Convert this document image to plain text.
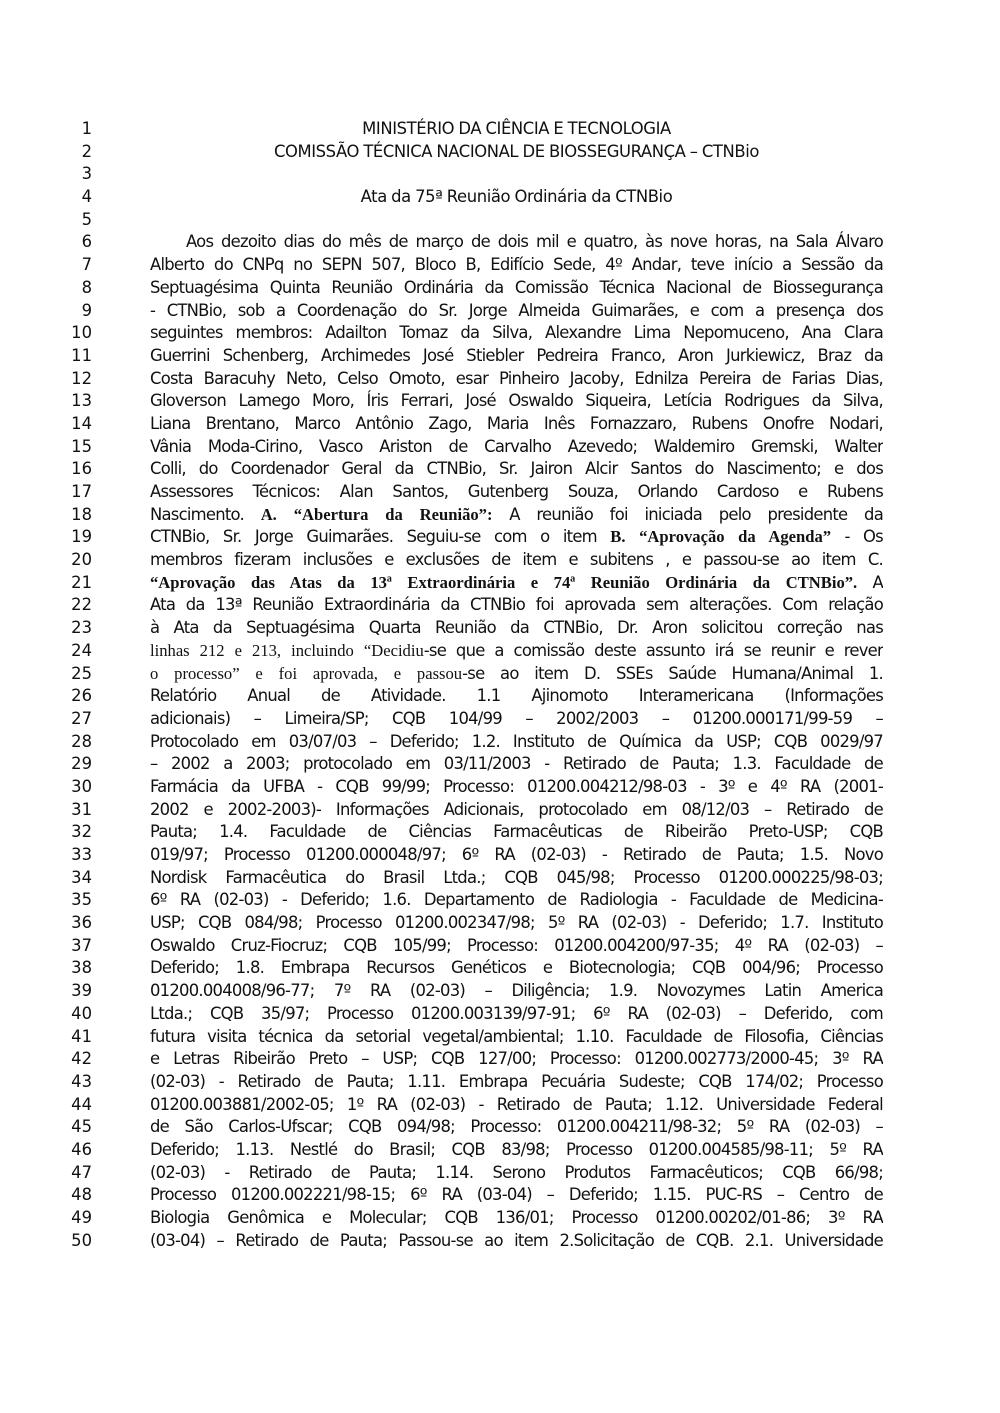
1	MINISTÉRIO DA CIÊNCIA E TECNOLOGIA
2	COMISSÃO TÉCNICA NACIONAL DE BIOSSEGURANÇA – CTNBio
3
4	Ata da 75ª Reunião Ordinária da CTNBio
5
6	Aos dezoito dias do mês de março de dois mil e quatro, às nove horas, na Sala Álvaro
7	Alberto do CNPq no SEPN 507, Bloco B, Edifício Sede, 4º Andar, teve início a Sessão da
8	Septuagésima Quinta Reunião Ordinária da Comissão Técnica Nacional de Biossegurança
9	- CTNBio, sob a Coordenação do Sr. Jorge Almeida Guimarães, e com a presença dos
10	seguintes membros: Adailton Tomaz da Silva, Alexandre Lima Nepomuceno, Ana Clara
11	Guerrini Schenberg, Archimedes José Stiebler Pedreira Franco, Aron Jurkiewicz, Braz da
12	Costa Baracuhy Neto, Celso Omoto, esar Pinheiro Jacoby, Ednilza Pereira de Farias Dias,
13	Gloverson Lamego Moro, Íris Ferrari, José Oswaldo Siqueira, Letícia Rodrigues da Silva,
14	Liana Brentano, Marco Antônio Zago, Maria Inês Fornazzaro, Rubens Onofre Nodari,
15	Vânia Moda-Cirino, Vasco Ariston de Carvalho Azevedo; Waldemiro Gremski, Walter
16	Colli, do Coordenador Geral da CTNBio, Sr. Jairon Alcir Santos do Nascimento; e dos
17	Assessores Técnicos: Alan Santos, Gutenberg Souza, Orlando Cardoso e Rubens
18	Nascimento. A. “Abertura da Reunião”: A reunião foi iniciada pelo presidente da
19	CTNBio, Sr. Jorge Guimarães. Seguiu-se com o item B. “Aprovação da Agenda” - Os
20	membros fizeram inclusões e exclusões de item e subitens , e passou-se ao item C.
21	“Aprovação das Atas da 13ª Extraordinária e 74ª Reunião Ordinária da CTNBio”. A
22	Ata da 13ª Reunião Extraordinária da CTNBio foi aprovada sem alterações. Com relação
23	à Ata da Septuagésima Quarta Reunião da CTNBio, Dr. Aron solicitou correção nas
24	linhas 212 e 213, incluindo “Decidiu-se que a comissão deste assunto irá se reunir e rever
25	o processo” e foi aprovada, e passou-se ao item D. SSEs Saúde Humana/Animal 1.
26	Relatório Anual de Atividade. 1.1 Ajinomoto Interamericana (Informações
27	adicionais) – Limeira/SP; CQB 104/99 – 2002/2003 – 01200.000171/99-59 –
28	Protocolado em 03/07/03 – Deferido; 1.2. Instituto de Química da USP; CQB 0029/97
29	– 2002 a 2003; protocolado em 03/11/2003 - Retirado de Pauta; 1.3. Faculdade de
30	Farmácia da UFBA - CQB 99/99; Processo: 01200.004212/98-03 - 3º e 4º RA (2001-
31	2002 e 2002-2003)- Informações Adicionais, protocolado em 08/12/03 – Retirado de
32	Pauta; 1.4. Faculdade de Ciências Farmacêuticas de Ribeirão Preto-USP; CQB
33	019/97; Processo 01200.000048/97; 6º RA (02-03) - Retirado de Pauta; 1.5. Novo
34	Nordisk Farmacêutica do Brasil Ltda.; CQB 045/98; Processo 01200.000225/98-03;
35	6º RA (02-03) - Deferido; 1.6. Departamento de Radiologia - Faculdade de Medicina-
36	USP; CQB 084/98; Processo 01200.002347/98; 5º RA (02-03) - Deferido; 1.7. Instituto
37	Oswaldo Cruz-Fiocruz; CQB 105/99; Processo: 01200.004200/97-35; 4º RA (02-03) –
38	Deferido; 1.8. Embrapa Recursos Genéticos e Biotecnologia; CQB 004/96; Processo
39	01200.004008/96-77; 7º RA (02-03) – Diligência; 1.9. Novozymes Latin America
40	Ltda.; CQB 35/97; Processo 01200.003139/97-91; 6º RA (02-03) – Deferido, com
41	futura visita técnica da setorial vegetal/ambiental; 1.10. Faculdade de Filosofia, Ciências
42	e Letras Ribeirão Preto – USP; CQB 127/00; Processo: 01200.002773/2000-45; 3º RA
43	(02-03) - Retirado de Pauta; 1.11. Embrapa Pecuária Sudeste; CQB 174/02; Processo
44	01200.003881/2002-05; 1º RA (02-03) - Retirado de Pauta; 1.12. Universidade Federal
45	de São Carlos-Ufscar; CQB 094/98; Processo: 01200.004211/98-32; 5º RA (02-03) –
46	Deferido; 1.13. Nestlé do Brasil; CQB 83/98; Processo 01200.004585/98-11; 5º RA
47	(02-03) - Retirado de Pauta; 1.14. Serono Produtos Farmacêuticos; CQB 66/98;
48	Processo 01200.002221/98-15; 6º RA (03-04) – Deferido; 1.15. PUC-RS – Centro de
49	Biologia Genômica e Molecular; CQB 136/01; Processo 01200.00202/01-86; 3º RA
50	(03-04) – Retirado de Pauta; Passou-se ao item 2.Solicitação de CQB. 2.1. Universidade
